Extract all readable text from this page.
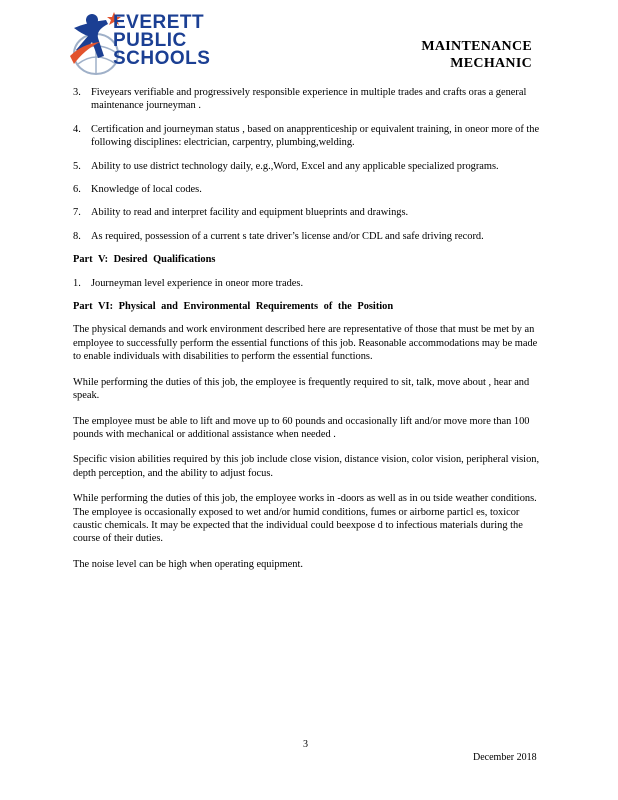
EVERETT
PUBLIC
SCHOOLS
MAINTENANCE
MECHANIC
3. Fiveyears verifiable and progressively responsible experience in multiple trades and crafts oras a general maintenance journeyman .
4. Certification and journeyman status , based on anapprenticeship or equivalent training, in oneor more of the following disciplines: electrician, carpentry, plumbing,welding.
5. Ability to use district technology daily, e.g.,Word, Excel and any applicable specialized programs.
6. Knowledge of local codes.
7. Ability to read and interpret facility and equipment blueprints and drawings.
8. As required, possession of a current s tate driver’s license and/or CDL and safe driving record.
Part V: Desired Qualifications
1. Journeyman level experience in oneor more trades.
Part VI: Physical and Environmental Requirements of the Position

The physical demands and work environment described here are representative of those that must be met by an employee to successfully perform the essential functions of this job. Reasonable accommodations may be made to enable individuals with disabilities to perform the essential functions.

While performing the duties of this job, the employee is frequently required to sit, talk, move about , hear and speak.

The employee must be able to lift and move up to 60 pounds and occasionally lift and/or move more than 100 pounds with mechanical or additional assistance when needed .

Specific vision abilities required by this job include close vision, distance vision, color vision, peripheral vision, depth perception, and the ability to adjust focus.

While performing the duties of this job, the employee works in -doors as well as in ou tside weather conditions. The employee is occasionally exposed to wet and/or humid conditions, fumes or airborne particl es, toxicor caustic chemicals. It may be expected that the individual could beexpose d to infectious materials during the course of their duties.

The noise level can be high when operating equipment.

3
December 2018
